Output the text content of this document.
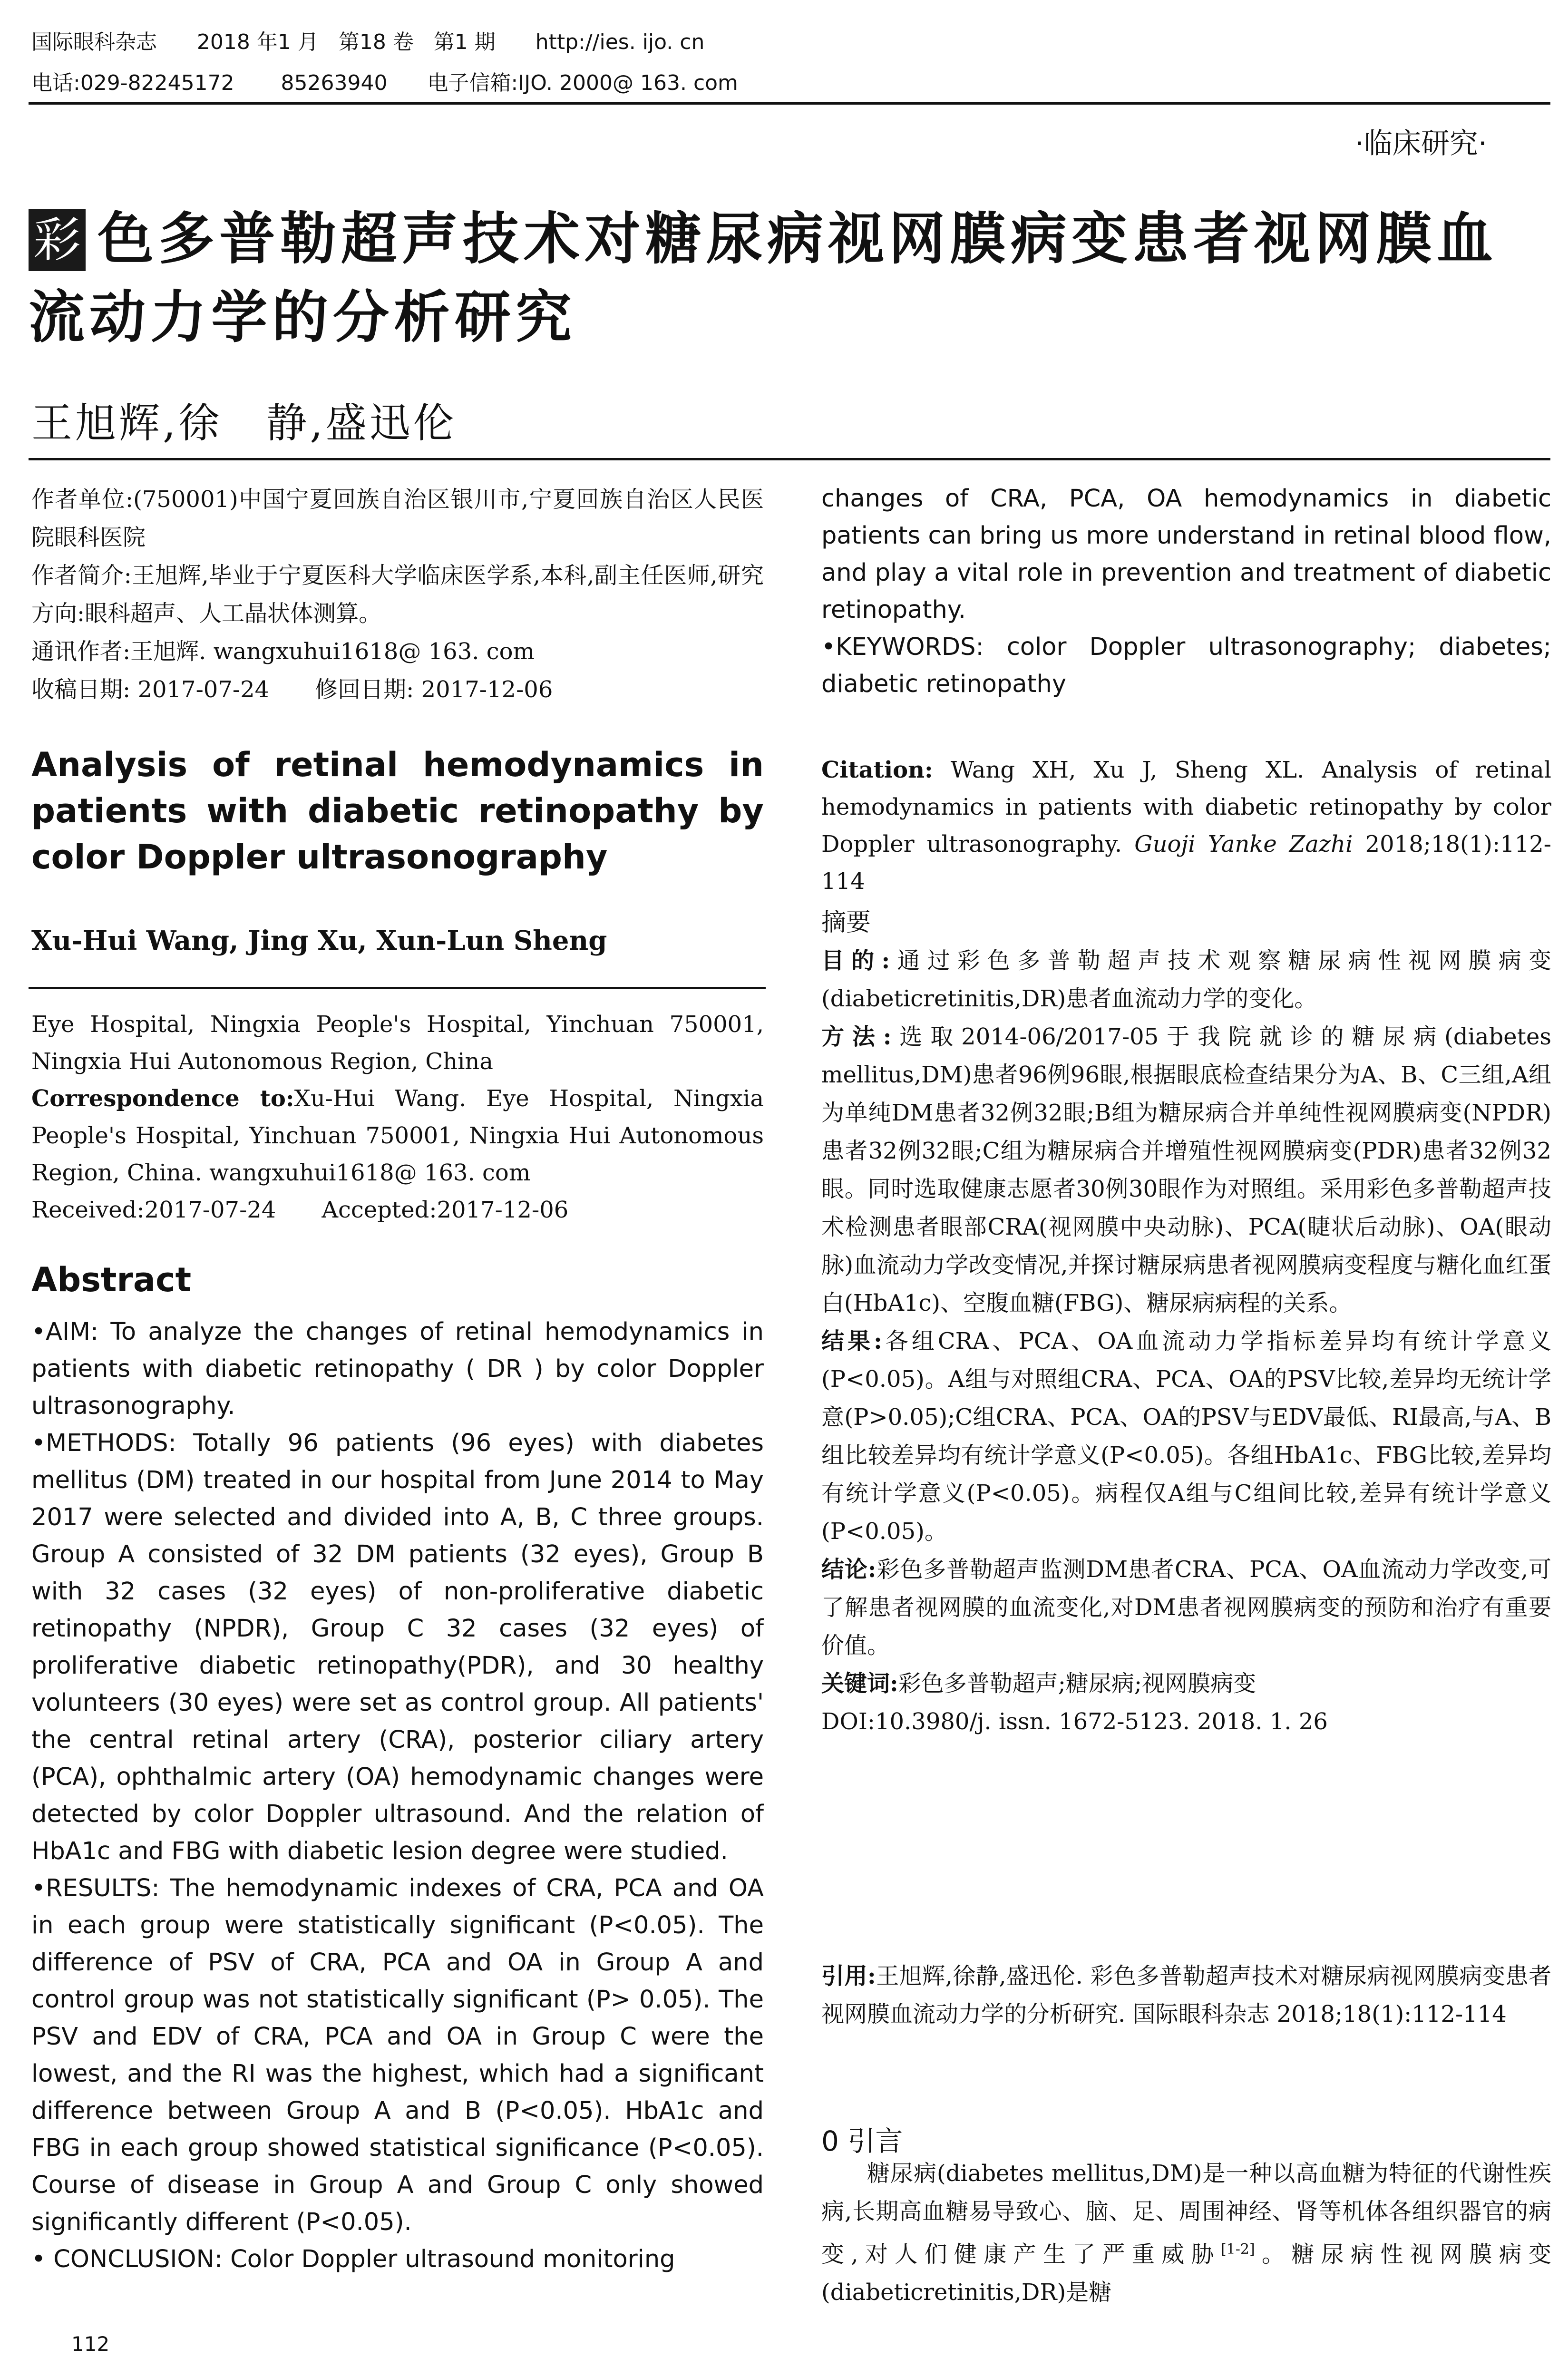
国际眼科杂志 2018 年1 月 第18 卷 第1 期 http://ies. ijo. cn
电话:029-82245172 85263940 电子信箱:IJO. 2000@ 163. com
·临床研究·
色多普勒超声技术对糖尿病视网膜病变患者视网膜血
流动力学的分析研究
彩
王旭辉,徐　静,盛迅伦

作者单位:(750001)中国宁夏回族自治区银川市,宁夏回族自治区人民医院眼科医院

作者简介:王旭辉,毕业于宁夏医科大学临床医学系,本科,副主任医师,研究方向:眼科超声、人工晶状体测算。

通讯作者:王旭辉. wangxuhui1618@ 163. com

收稿日期: 2017-07-24　　修回日期: 2017-12-06

Analysis of retinal hemodynamics in patients with diabetic retinopathy by color Doppler ultrasonography

Xu-Hui Wang, Jing Xu, Xun-Lun Sheng

Eye Hospital, Ningxia People's Hospital, Yinchuan 750001, Ningxia Hui Autonomous Region, China

Correspondence to:Xu-Hui Wang. Eye Hospital, Ningxia People's Hospital, Yinchuan 750001, Ningxia Hui Autonomous Region, China. wangxuhui1618@ 163. com

Received:2017-07-24　　Accepted:2017-12-06

Abstract

•AIM: To analyze the changes of retinal hemodynamics in patients with diabetic retinopathy ( DR ) by color Doppler ultrasonography.

•METHODS: Totally 96 patients (96 eyes) with diabetes mellitus (DM) treated in our hospital from June 2014 to May 2017 were selected and divided into A, B, C three groups. Group A consisted of 32 DM patients (32 eyes), Group B with 32 cases (32 eyes) of non-proliferative diabetic retinopathy (NPDR), Group C 32 cases (32 eyes) of proliferative diabetic retinopathy(PDR), and 30 healthy volunteers (30 eyes) were set as control group. All patients' the central retinal artery (CRA), posterior ciliary artery (PCA), ophthalmic artery (OA) hemodynamic changes were detected by color Doppler ultrasound. And the relation of HbA1c and FBG with diabetic lesion degree were studied.

•RESULTS: The hemodynamic indexes of CRA, PCA and OA in each group were statistically significant (P<0.05). The difference of PSV of CRA, PCA and OA in Group A and control group was not statistically significant (P> 0.05). The PSV and EDV of CRA, PCA and OA in Group C were the lowest, and the RI was the highest, which had a significant difference between Group A and B (P<0.05). HbA1c and FBG in each group showed statistical significance (P<0.05). Course of disease in Group A and Group C only showed significantly different (P<0.05).

• CONCLUSION: Color Doppler ultrasound monitoring

changes of CRA, PCA, OA hemodynamics in diabetic patients can bring us more understand in retinal blood flow, and play a vital role in prevention and treatment of diabetic retinopathy.

•KEYWORDS: color Doppler ultrasonography; diabetes; diabetic retinopathy

Citation: Wang XH, Xu J, Sheng XL. Analysis of retinal hemodynamics in patients with diabetic retinopathy by color Doppler ultrasonography. Guoji Yanke Zazhi 2018;18(1):112-114

摘要

目的:通过彩色多普勒超声技术观察糖尿病性视网膜病变(diabeticretinitis,DR)患者血流动力学的变化。

方法:选取2014-06/2017-05于我院就诊的糖尿病(diabetes mellitus,DM)患者96例96眼,根据眼底检查结果分为A、B、C三组,A组为单纯DM患者32例32眼;B组为糖尿病合并单纯性视网膜病变(NPDR)患者32例32眼;C组为糖尿病合并增殖性视网膜病变(PDR)患者32例32眼。同时选取健康志愿者30例30眼作为对照组。采用彩色多普勒超声技术检测患者眼部CRA(视网膜中央动脉)、PCA(睫状后动脉)、OA(眼动脉)血流动力学改变情况,并探讨糖尿病患者视网膜病变程度与糖化血红蛋白(HbA1c)、空腹血糖(FBG)、糖尿病病程的关系。

结果:各组CRA、PCA、OA血流动力学指标差异均有统计学意义(P<0.05)。A组与对照组CRA、PCA、OA的PSV比较,差异均无统计学意(P>0.05);C组CRA、PCA、OA的PSV与EDV最低、RI最高,与A、B组比较差异均有统计学意义(P<0.05)。各组HbA1c、FBG比较,差异均有统计学意义(P<0.05)。病程仅A组与C组间比较,差异有统计学意义(P<0.05)。

结论:彩色多普勒超声监测DM患者CRA、PCA、OA血流动力学改变,可了解患者视网膜的血流变化,对DM患者视网膜病变的预防和治疗有重要价值。

关键词:彩色多普勒超声;糖尿病;视网膜病变

DOI:10.3980/j. issn. 1672-5123. 2018. 1. 26

引用:王旭辉,徐静,盛迅伦. 彩色多普勒超声技术对糖尿病视网膜病变患者视网膜血流动力学的分析研究. 国际眼科杂志 2018;18(1):112-114

0 引言

糖尿病(diabetes mellitus,DM)是一种以高血糖为特征的代谢性疾病,长期高血糖易导致心、脑、足、周围神经、肾等机体各组织器官的病变,对人们健康产生了严重威胁[1-2]。糖尿病性视网膜病变(diabeticretinitis,DR)是糖

112
